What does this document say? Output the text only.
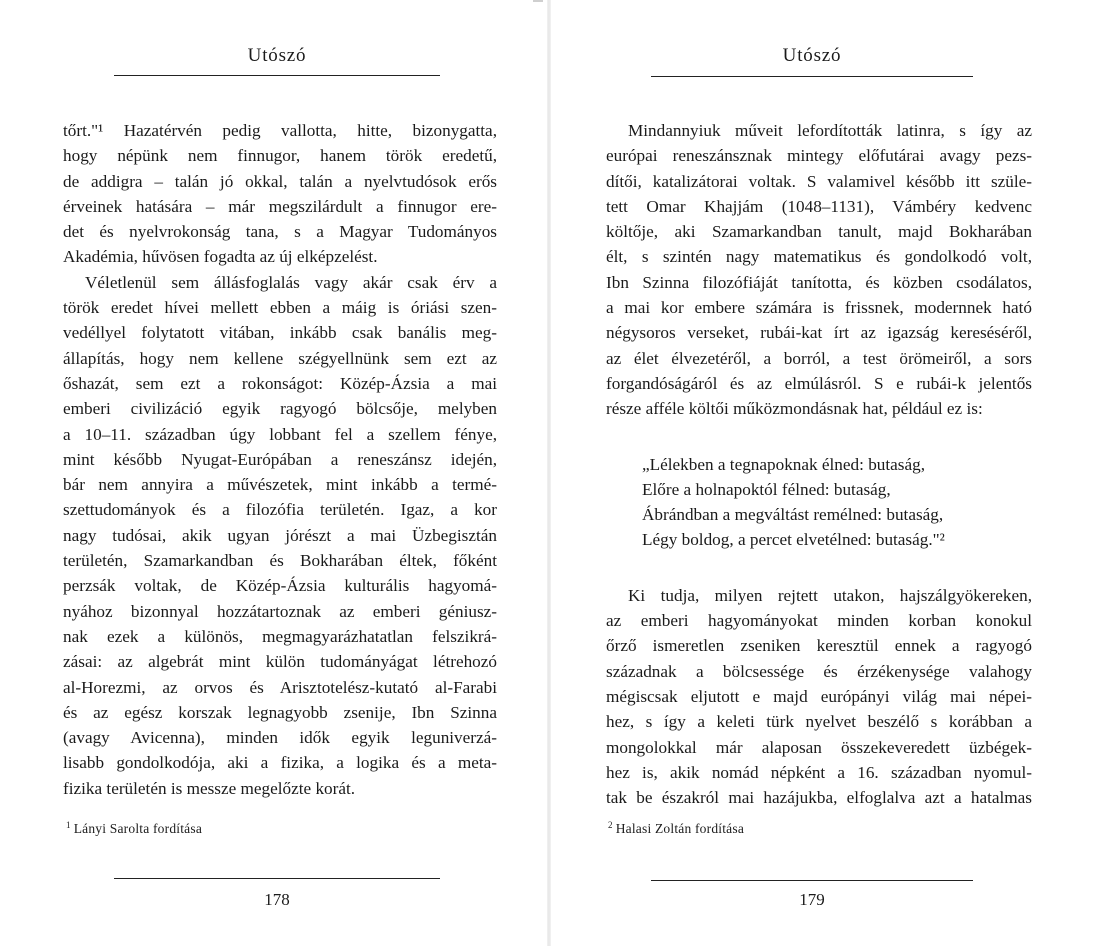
Utószó
tőrt."¹ Hazatérvén pedig vallotta, hitte, bizonygatta,
hogy népünk nem finnugor, hanem török eredetű,
de addigra – talán jó okkal, talán a nyelvtudósok erős
érveinek hatására – már megszilárdult a finnugor ere-
det és nyelvrokonság tana, s a Magyar Tudományos
Akadémia, hűvösen fogadta az új elképzelést.
Véletlenül sem állásfoglalás vagy akár csak érv a
török eredet hívei mellett ebben a máig is óriási szen-
vedéllyel folytatott vitában, inkább csak banális meg-
állapítás, hogy nem kellene szégyellnünk sem ezt az
őshazát, sem ezt a rokonságot: Közép-Ázsia a mai
emberi civilizáció egyik ragyogó bölcsője, melyben
a 10–11. században úgy lobbant fel a szellem fénye,
mint később Nyugat-Európában a reneszánsz idején,
bár nem annyira a művészetek, mint inkább a termé-
szettudományok és a filozófia területén. Igaz, a kor
nagy tudósai, akik ugyan jórészt a mai Üzbegisztán
területén, Szamarkandban és Bokharában éltek, főként
perzsák voltak, de Közép-Ázsia kulturális hagyomá-
nyához bizonnyal hozzátartoznak az emberi géniusz-
nak ezek a különös, megmagyarázhatatlan felszikrá-
zásai: az algebrát mint külön tudományágat létrehozó
al-Horezmi, az orvos és Arisztotelész-kutató al-Farabi
és az egész korszak legnagyobb zsenije, Ibn Szinna
(avagy Avicenna), minden idők egyik leguniverzá-
lisabb gondolkodója, aki a fizika, a logika és a meta-
fizika területén is messze megelőzte korát.
$^1$ Lányi Sarolta fordítása
178
Utószó
Mindannyiuk műveit lefordították latinra, s így az
európai reneszánsznak mintegy előfutárai avagy pezs-
dítői, katalizátorai voltak. S valamivel később itt szüle-
tett Omar Khajjám (1048–1131), Vámbéry kedvenc
költője, aki Szamarkandban tanult, majd Bokharában
élt, s szintén nagy matematikus és gondolkodó volt,
Ibn Szinna filozófiáját tanította, és közben csodálatos,
a mai kor embere számára is frissnek, modernnek ható
négysoros verseket, rubái-kat írt az igazság kereséséről,
az élet élvezetéről, a borról, a test örömeiről, a sors
forgandóságáról és az elmúlásról. S e rubái-k jelentős
része afféle költői műközmondásnak hat, például ez is:
„Lélekben a tegnapoknak élned: butaság,
Előre a holnapoktól félned: butaság,
Ábrándban a megváltást remélned: butaság,
Légy boldog, a percet elvetélned: butaság."²
Ki tudja, milyen rejtett utakon, hajszálgyökereken,
az emberi hagyományokat minden korban konokul
őrző ismeretlen zseniken keresztül ennek a ragyogó
századnak a bölcsessége és érzékenysége valahogy
mégiscsak eljutott e majd európányi világ mai népei-
hez, s így a keleti türk nyelvet beszélő s korábban a
mongolokkal már alaposan összekeveredett üzbégek-
hez is, akik nomád népként a 16. században nyomul-
tak be északról mai hazájukba, elfoglalva azt a hatalmas
$^2$ Halasi Zoltán fordítása
179
